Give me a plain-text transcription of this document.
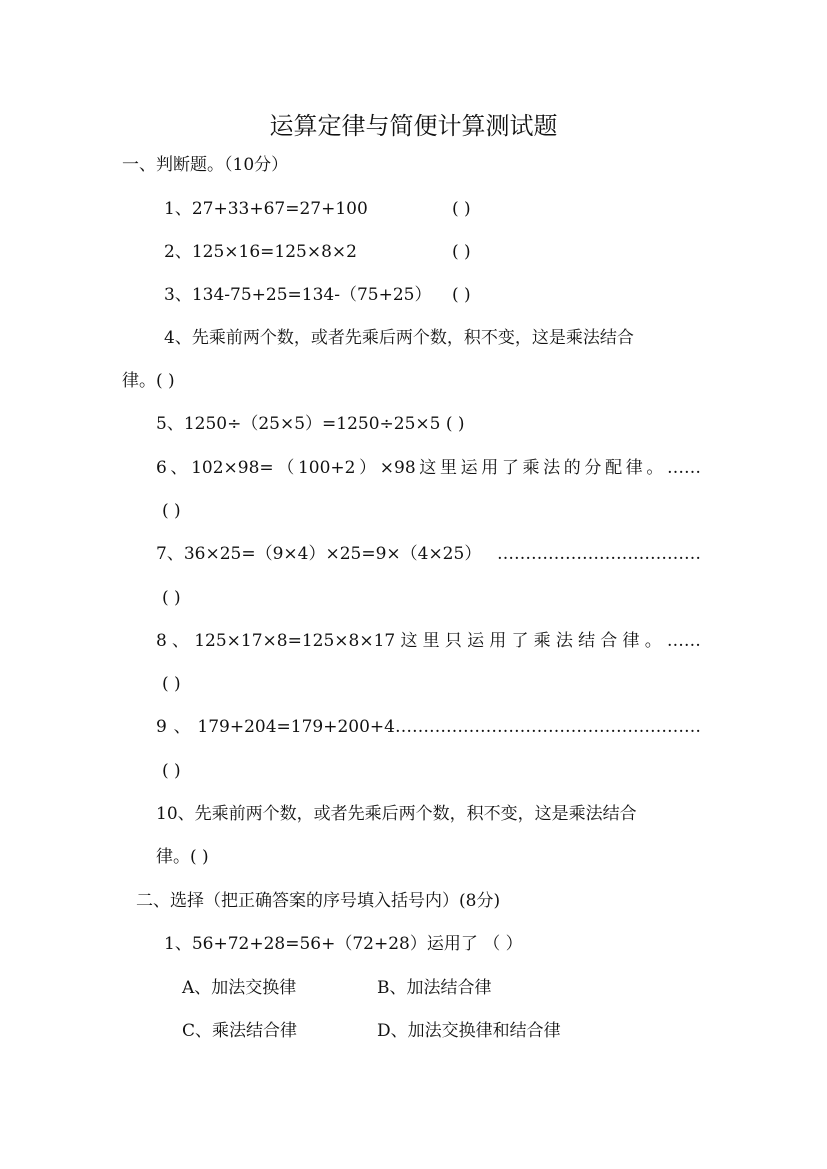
运算定律与简便计算测试题
一、判断题。（10分）
1、27+33+67=27+100	( )
2、125×16=125×8×2	( )
3、134-75+25=134-（75+25） ( )
4、先乘前两个数，或者先乘后两个数，积不变，这是乘法结合
律。( )
5、1250÷（25×5）=1250÷25×5 ( )
6 、 102×98= （ 100+2 ） ×98 这 里 运 用 了 乘 法 的 分 配 律 。 ……
( )
7、36×25=（9×4）×25=9×（4×25） ………………………………
( )
8 、 125×17×8=125×8×17 这 里 只 运 用 了 乘 法 结 合 律 。 ……
( )
9 、 179+204=179+200+4………………………………………………
( )
10、先乘前两个数，或者先乘后两个数，积不变，这是乘法结合
律。( )
二、选择（把正确答案的序号填入括号内）(8分)
1、56+72+28=56+（72+28）运用了 （ ）
A、加法交换律	B、加法结合律
C、乘法结合律	D、加法交换律和结合律
